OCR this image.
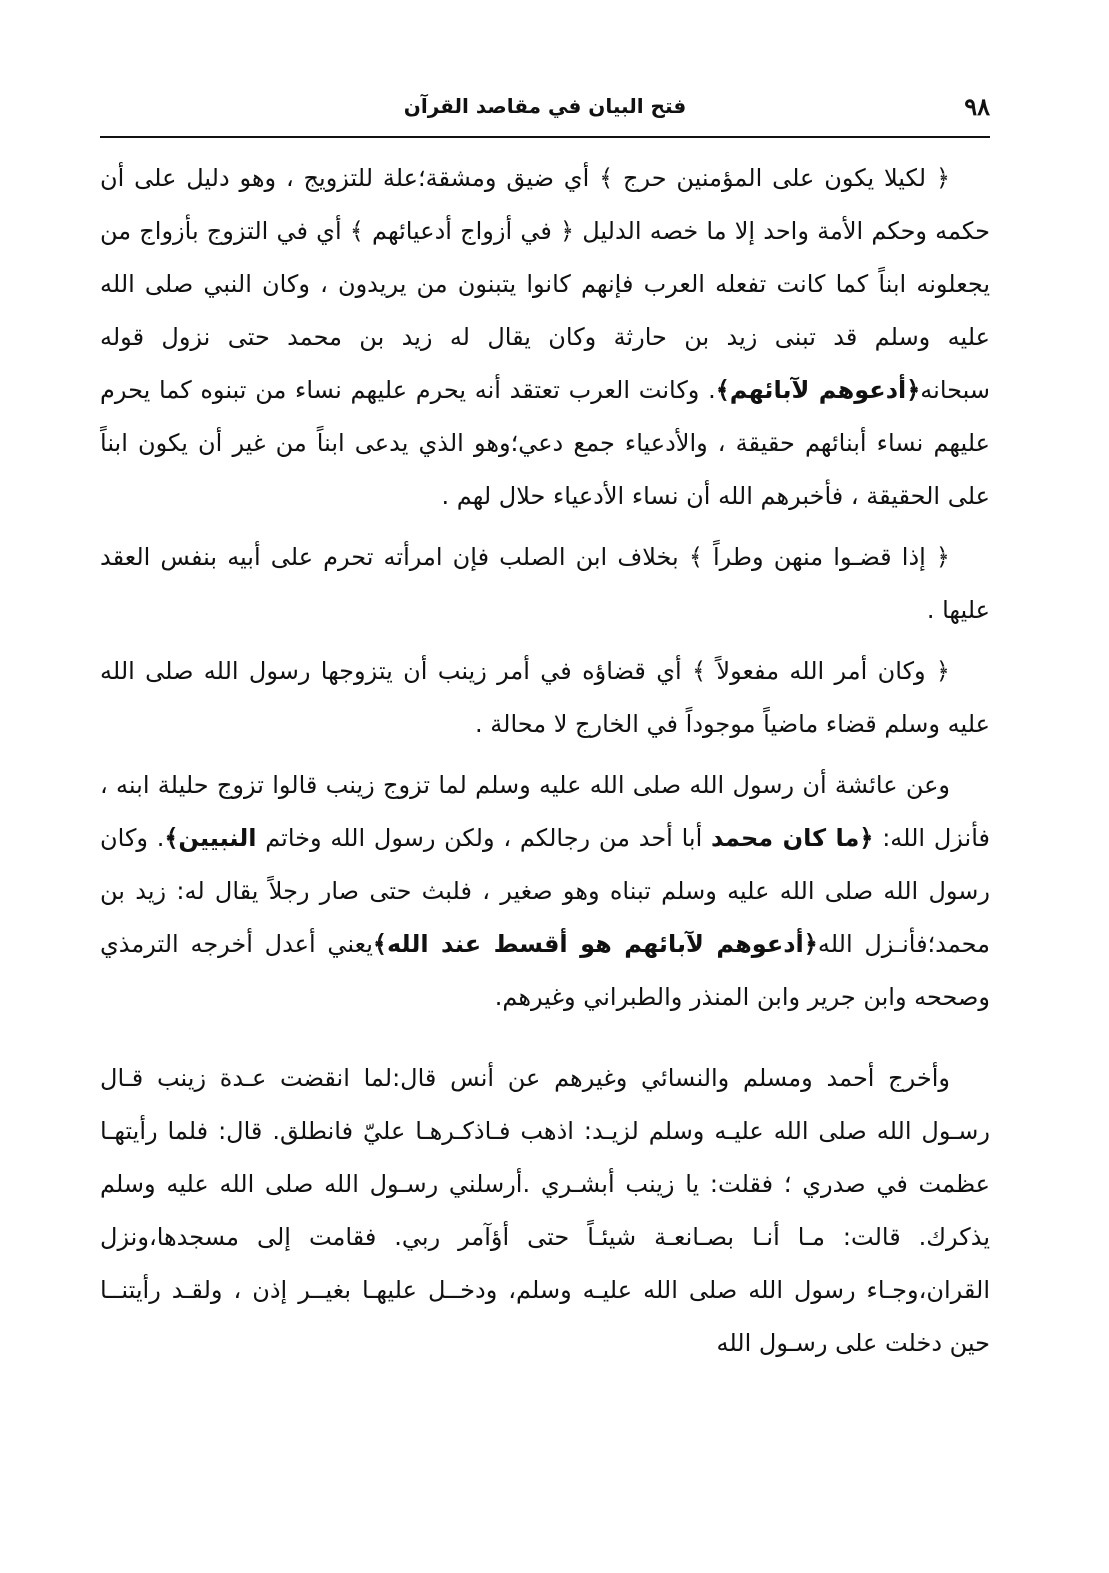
٩٨
فتح البيان في مقاصد القرآن

﴿ لكيلا يكون على المؤمنين حرج ﴾ أي ضيق ومشقة؛علة للتزويج ، وهو دليل على أن حكمه وحكم الأمة واحد إلا ما خصه الدليل ﴿ في أزواج أدعيائهم ﴾ أي في التزوج بأزواج من يجعلونه ابناً كما كانت تفعله العرب فإنهم كانوا يتبنون من يريدون ، وكان النبي صلى الله عليه وسلم قد تبنى زيد بن حارثة وكان يقال له زيد بن محمد حتى نزول قوله سبحانه﴿أدعوهم لآبائهم﴾. وكانت العرب تعتقد أنه يحرم عليهم نساء من تبنوه كما يحرم عليهم نساء أبنائهم حقيقة ، والأدعياء جمع دعي؛وهو الذي يدعى ابناً من غير أن يكون ابناً على الحقيقة ، فأخبرهم الله أن نساء الأدعياء حلال لهم .

﴿ إذا قضـوا منهن وطراً ﴾ بخلاف ابن الصلب فإن امرأته تحرم على أبيه بنفس العقد عليها .

﴿ وكان أمر الله مفعولاً ﴾ أي قضاؤه في أمر زينب أن يتزوجها رسول الله صلى الله عليه وسلم قضاء ماضياً موجوداً في الخارج لا محالة .

وعن عائشة أن رسول الله صلى الله عليه وسلم لما تزوج زينب قالوا تزوج حليلة ابنه ، فأنزل الله: ﴿ما كان محمد أبا أحد من رجالكم ، ولكن رسول الله وخاتم النبيين﴾. وكان رسول الله صلى الله عليه وسلم تبناه وهو صغير ، فلبث حتى صار رجلاً يقال له: زيد بن محمد؛فأنـزل الله﴿أدعوهم لآبائهم هو أقسط عند الله﴾يعني أعدل أخرجه الترمذي وصححه وابن جرير وابن المنذر والطبراني وغيرهم.

وأخرج أحمد ومسلم والنسائي وغيرهم عن أنس قال:لما انقضت عـدة زينب قـال رسـول الله صلى الله عليـه وسلم لزيـد: اذهب فـاذكـرهـا عليّ فانطلق. قال: فلما رأيتهـا عظمت في صدري ؛ فقلت: يا زينب أبشـري .أرسلني رسـول الله صلى الله عليه وسلم يذكرك. قالت: مـا أنـا بصـانعـة شيئـاً حتى أؤآمر ربي. فقامت إلى مسجدها،ونزل القران،وجـاء رسول الله صلى الله عليـه وسلم، ودخــل عليهـا بغيــر إذن ، ولقـد رأيتنــا حين دخلت على رسـول الله
